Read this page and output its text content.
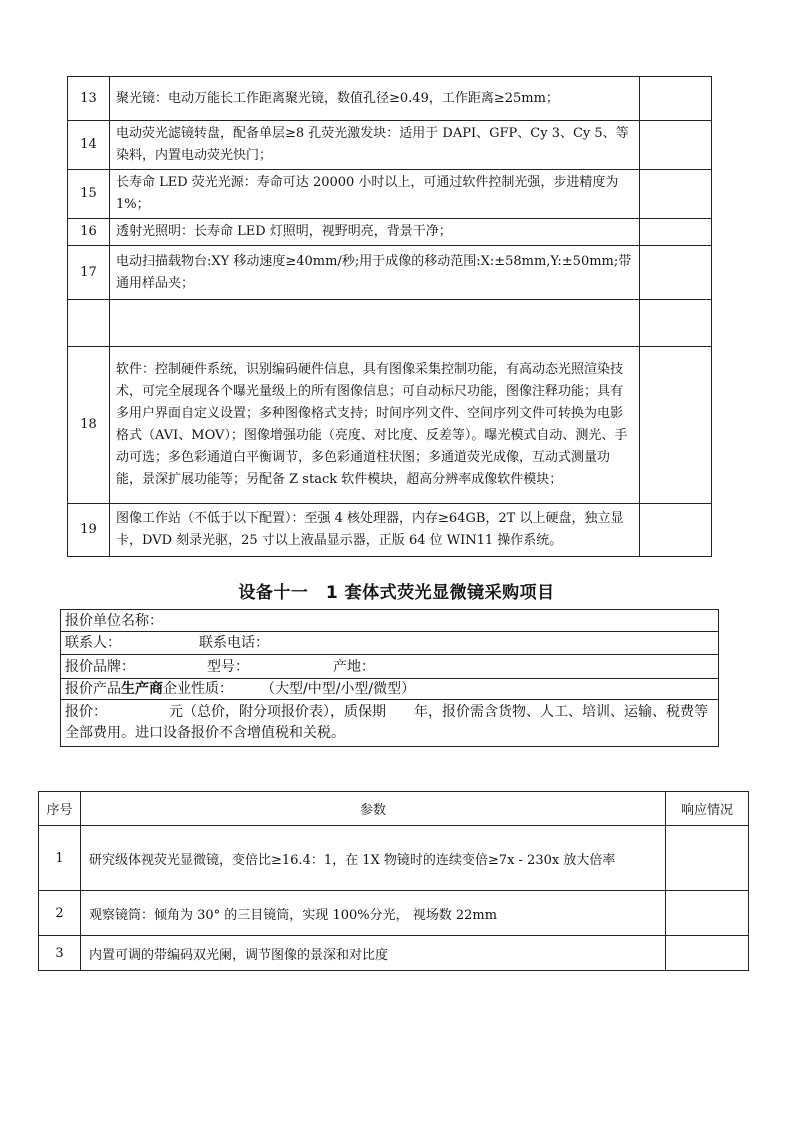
13	聚光镜：电动万能长工作距离聚光镜，数值孔径≥0.49，工作距离≥25mm；	
14	电动荧光滤镜转盘，配备单层≥8 孔荧光激发块：适用于 DAPI、GFP、Cy 3、Cy 5、等染料，内置电动荧光快门；	
15	长寿命 LED 荧光光源：寿命可达 20000 小时以上，可通过软件控制光强，步进精度为 1%；	
16	透射光照明：长寿命 LED 灯照明，视野明亮，背景干净；	
17	电动扫描载物台:XY 移动速度≥40mm/秒;用于成像的移动范围:X:±58mm,Y:±50mm;带通用样品夹；	

18	软件：控制硬件系统，识别编码硬件信息，具有图像采集控制功能，有高动态光照渲染技术，可完全展现各个曝光量级上的所有图像信息；可自动标尺功能，图像注释功能；具有多用户界面自定义设置；多种图像格式支持；时间序列文件、空间序列文件可转换为电影格式（AVI、MOV）；图像增强功能（亮度、对比度、反差等）。曝光模式自动、测光、手动可选；多色彩通道白平衡调节，多色彩通道柱状图；多通道荧光成像，互动式测量功能，景深扩展功能等；另配备 Z stack 软件模块，超高分辨率成像软件模块；	
19	图像工作站（不低于以下配置）：至强 4 核处理器，内存≥64GB，2T 以上硬盘，独立显卡，DVD 刻录光驱，25 寸以上液晶显示器，正版 64 位 WIN11 操作系统。	
设备十一　1 套体式荧光显微镜采购项目
报价单位名称：
联系人：	联系电话：
报价品牌：	型号：	产地：
报价产品生产商企业性质： （大型/中型/小型/微型）
报价：	元（总价，附分项报价表），质保期　　年，报价需含货物、人工、培训、运输、税费等全部费用。进口设备报价不含增值税和关税。
序号	参数	响应情况
1	研究级体视荧光显微镜，变倍比≥16.4：1，在 1X 物镜时的连续变倍≥7x - 230x 放大倍率	
2	观察镜筒：倾角为 30° 的三目镜筒，实现 100%分光， 视场数 22mm	
3	内置可调的带编码双光阑，调节图像的景深和对比度	
